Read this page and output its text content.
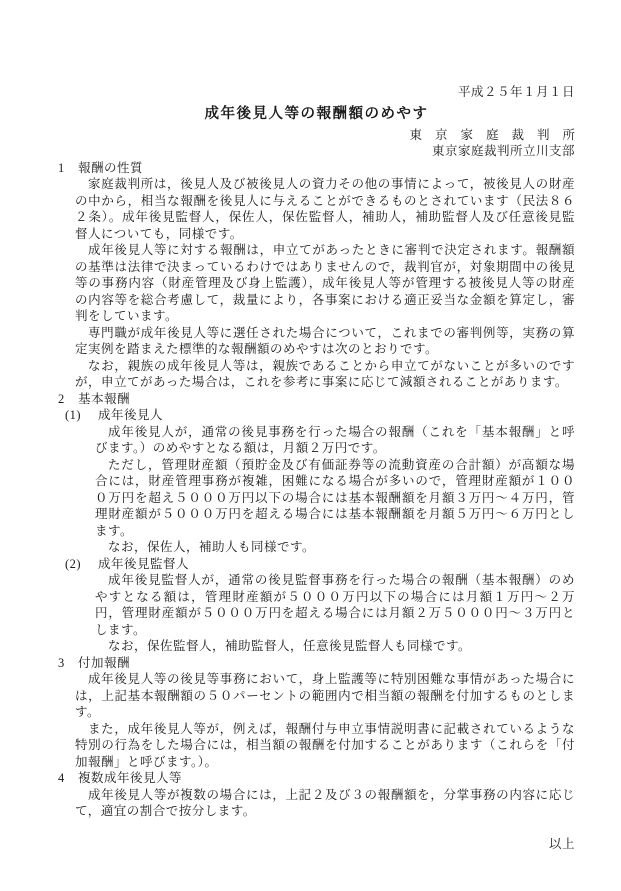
平成２５年１月１日
成年後見人等の報酬額のめやす
東京家庭裁判所
東京家庭裁判所立川支部
1	報酬の性質

家庭裁判所は，後見人及び被後見人の資力その他の事情によって，被後見人の財産の中から，相当な報酬を後見人に与えることができるものとされています（民法８６２条）。成年後見監督人，保佐人，保佐監督人，補助人，補助監督人及び任意後見監督人についても，同様です。

成年後見人等に対する報酬は，申立てがあったときに審判で決定されます。報酬額の基準は法律で決まっているわけではありませんので，裁判官が，対象期間中の後見等の事務内容（財産管理及び身上監護），成年後見人等が管理する被後見人等の財産の内容等を総合考慮して，裁量により，各事案における適正妥当な金額を算定し，審判をしています。

専門職が成年後見人等に選任された場合について，これまでの審判例等，実務の算定実例を踏まえた標準的な報酬額のめやすは次のとおりです。

なお，親族の成年後見人等は，親族であることから申立てがないことが多いのですが，申立てがあった場合は，これを参考に事案に応じて減額されることがあります。

2	基本報酬
(1)	成年後見人

成年後見人が，通常の後見事務を行った場合の報酬（これを「基本報酬」と呼びます。）のめやすとなる額は，月額２万円です。

ただし，管理財産額（預貯金及び有価証券等の流動資産の合計額）が高額な場合には，財産管理事務が複雑，困難になる場合が多いので，管理財産額が１０００万円を超え５０００万円以下の場合には基本報酬額を月額３万円～４万円，管理財産額が５０００万円を超える場合には基本報酬額を月額５万円～６万円とします。

なお，保佐人，補助人も同様です。

(2)	成年後見監督人

成年後見監督人が，通常の後見監督事務を行った場合の報酬（基本報酬）のめやすとなる額は，管理財産額が５０００万円以下の場合には月額１万円～２万円，管理財産額が５０００万円を超える場合には月額２万５０００円～３万円とします。

なお，保佐監督人，補助監督人，任意後見監督人も同様です。

3	付加報酬

成年後見人等の後見等事務において，身上監護等に特別困難な事情があった場合には，上記基本報酬額の５０パーセントの範囲内で相当額の報酬を付加するものとします。

また，成年後見人等が，例えば，報酬付与申立事情説明書に記載されているような特別の行為をした場合には，相当額の報酬を付加することがあります（これらを「付加報酬」と呼びます。）。

4	複数成年後見人等

成年後見人等が複数の場合には，上記２及び３の報酬額を，分掌事務の内容に応じて，適宜の割合で按分します。

以上
